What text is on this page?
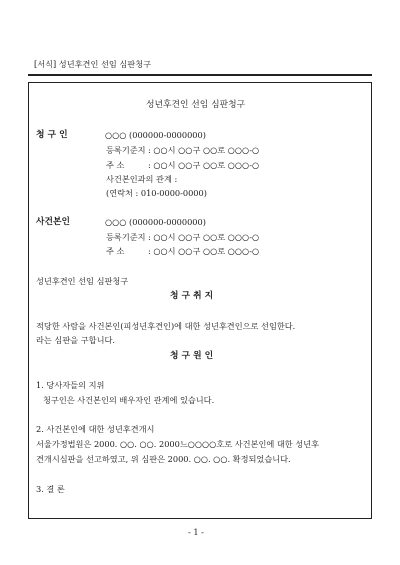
[서식] 성년후견인 선임 심판청구
성년후견인 선임 심판청구
청 구 인	○○○ (000000-0000000)
등록기준지 : ○○시 ○○구 ○○로 ○○○-○
주 소	: ○○시 ○○구 ○○로 ○○○-○
사건본인과의 관계 :
(연락처 : 010-0000-0000)
사건본인	○○○ (000000-0000000)
등록기준지 : ○○시 ○○구 ○○로 ○○○-○
주 소	: ○○시 ○○구 ○○로 ○○○-○
성년후견인 선임 심판청구
청 구 취 지
적당한 사람을 사건본인(피성년후견인)에 대한 성년후견인으로 선임한다.
라는 심판을 구합니다.
청 구 원 인
1. 당사자들의 지위
청구인은 사건본인의 배우자인 관계에 있습니다.
2. 사건본인에 대한 성년후견개시
서울가정법원은 2000. ○○. ○○. 2000느○○○○호로 사건본인에 대한 성년후
견개시심판을 선고하였고, 위 심판은 2000. ○○. ○○. 확정되었습니다.
3. 결 론
- 1 -
